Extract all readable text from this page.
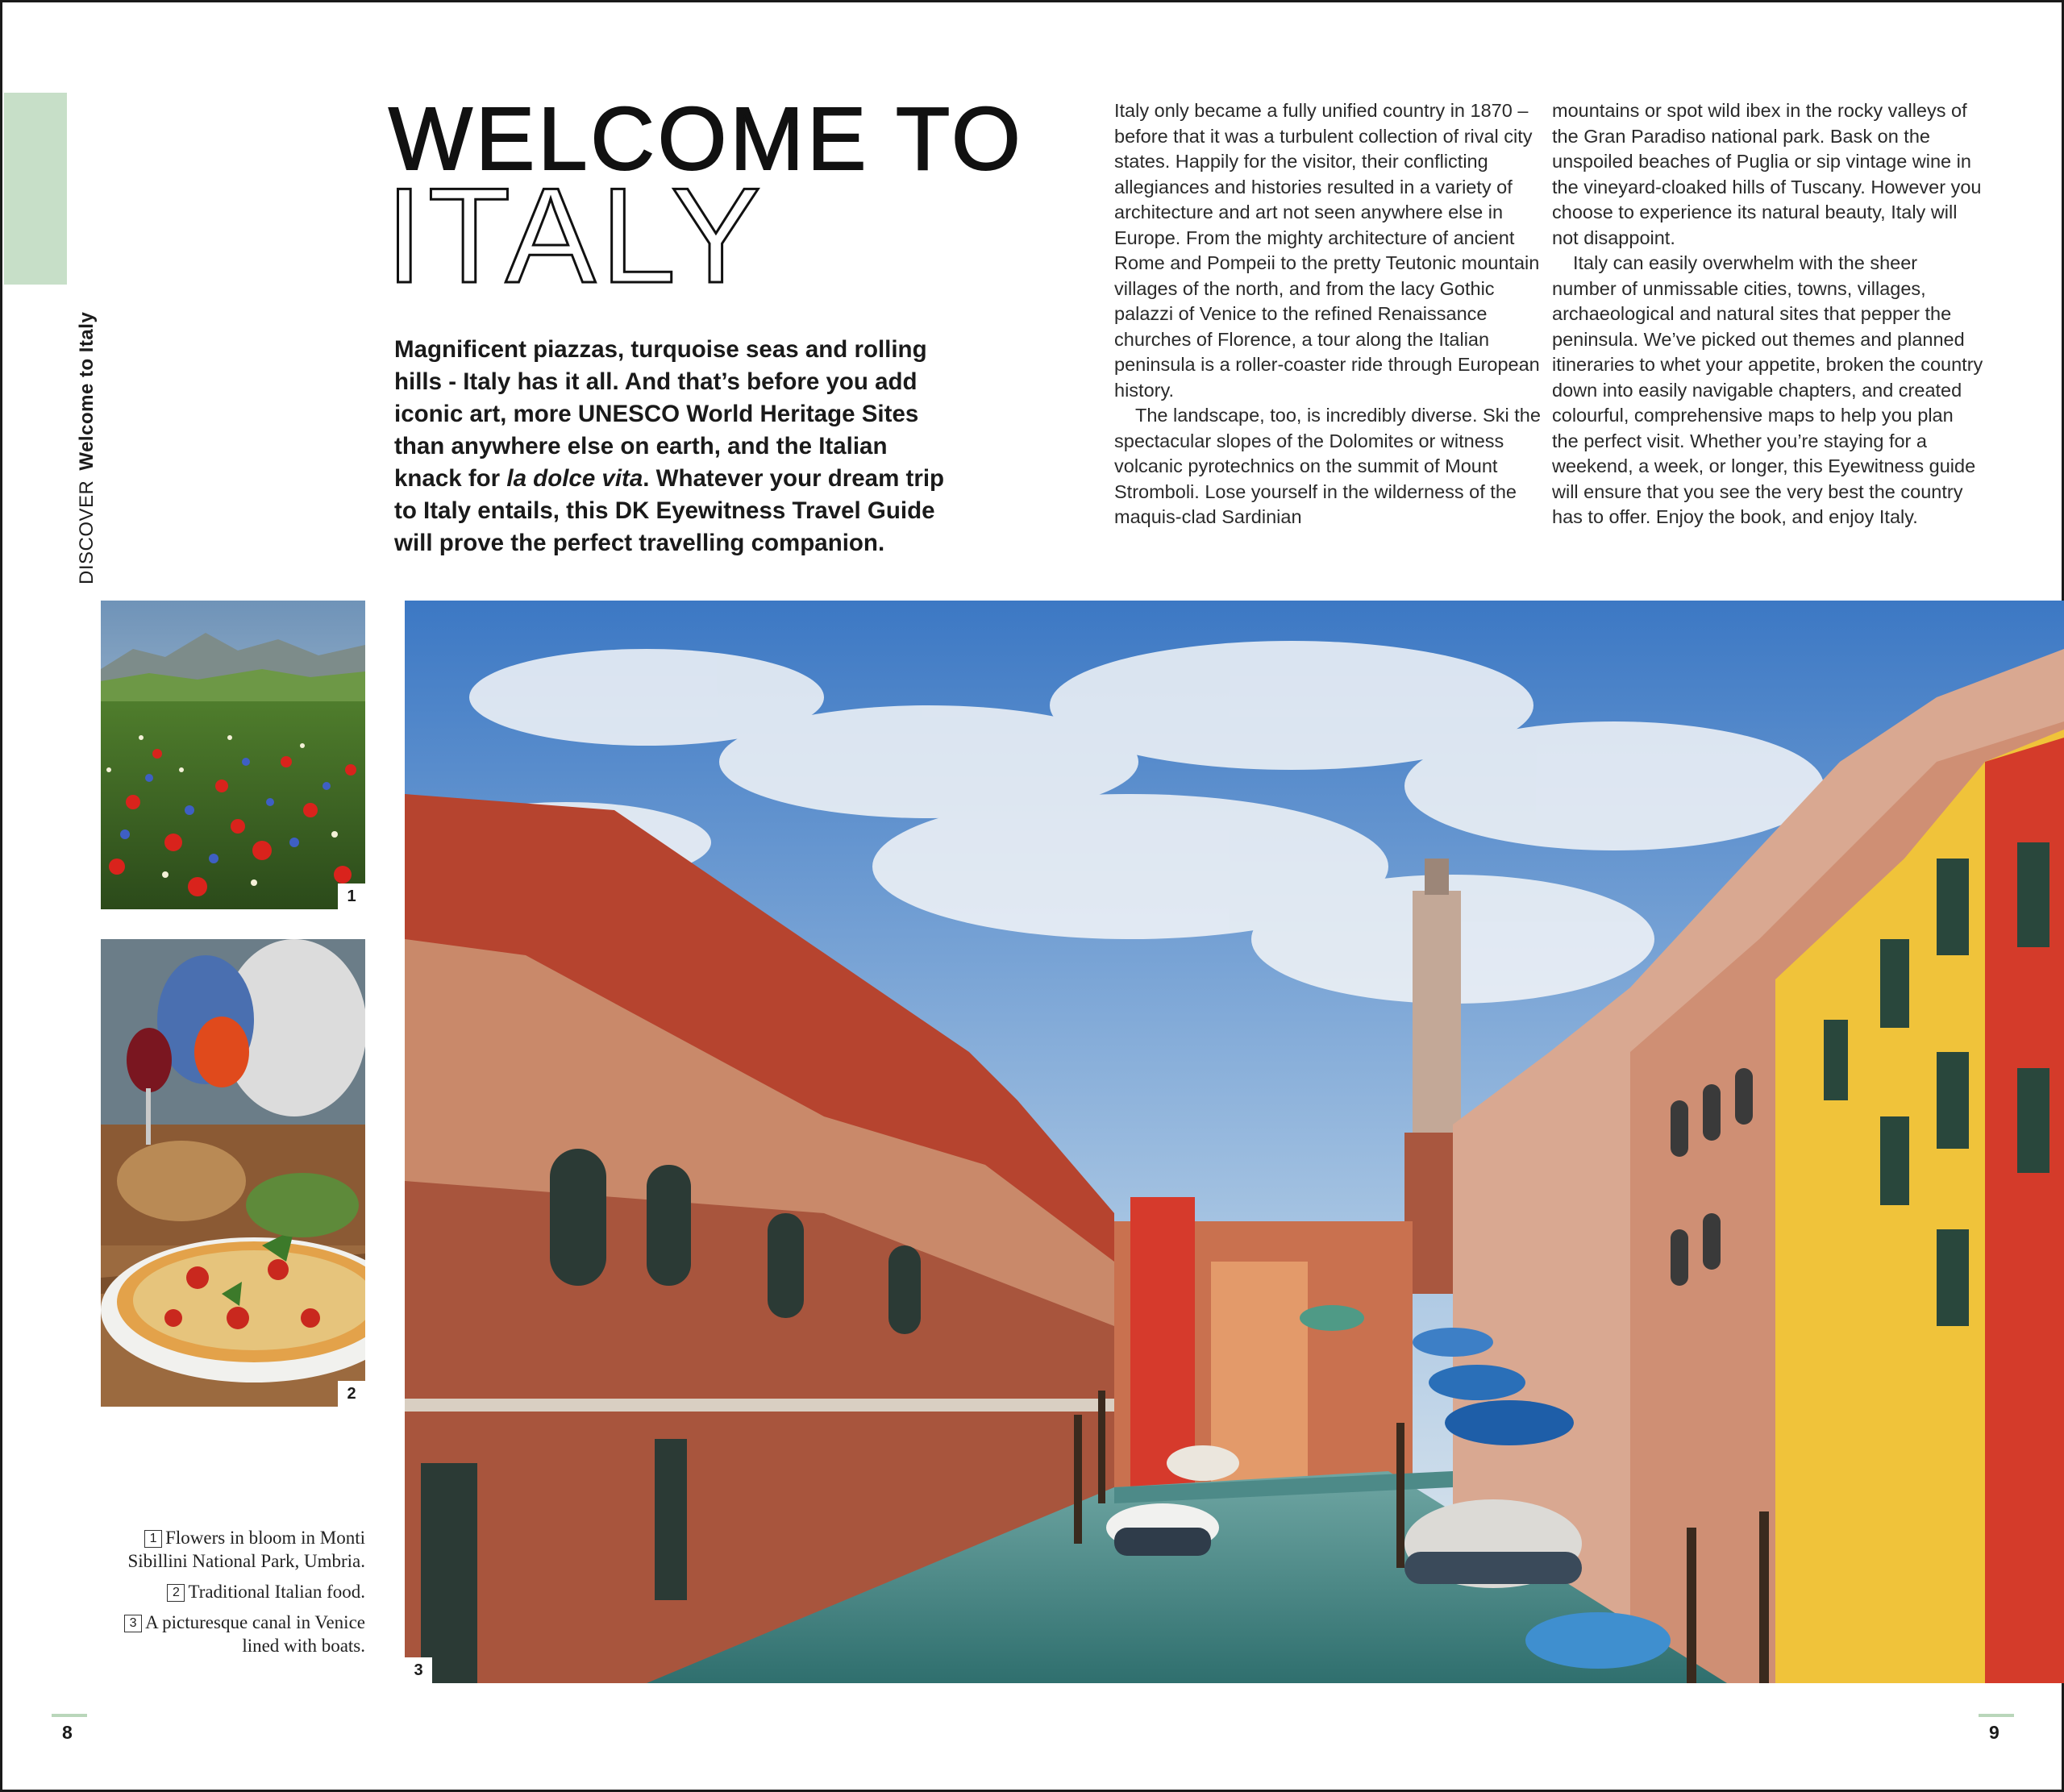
DISCOVERWelcome to Italy
WELCOME TO
ITALY
Magnificent piazzas, turquoise seas and rolling hills - Italy has it all. And that’s before you add iconic art, more UNESCO World Heritage Sites than anywhere else on earth, and the Italian knack for la dolce vita. Whatever your dream trip to Italy entails, this DK Eyewitness Travel Guide will prove the perfect travelling companion.

Italy only became a fully unified country in 1870 – before that it was a turbulent collection of rival city states. Happily for the visitor, their conflicting allegiances and histories resulted in a variety of architecture and art not seen anywhere else in Europe. From the mighty architecture of ancient Rome and Pompeii to the pretty Teutonic mountain villages of the north, and from the lacy Gothic palazzi of Venice to the refined Renaissance churches of Florence, a tour along the Italian peninsula is a roller-coaster ride through European history.

The landscape, too, is incredibly diverse. Ski the spectacular slopes of the Dolomites or witness volcanic pyrotechnics on the summit of Mount Stromboli. Lose yourself in the wilderness of the maquis-clad Sardinian

mountains or spot wild ibex in the rocky valleys of the Gran Paradiso national park. Bask on the unspoiled beaches of Puglia or sip vintage wine in the vineyard-cloaked hills of Tuscany. However you choose to experience its natural beauty, Italy will not disappoint.

Italy can easily overwhelm with the sheer number of unmissable cities, towns, villages, archaeological and natural sites that pepper the peninsula. We’ve picked out themes and planned itineraries to whet your appetite, broken the country down into easily navigable chapters, and created colourful, comprehensive maps to help you plan the perfect visit. Whether you’re staying for a weekend, a week, or longer, this Eyewitness guide will ensure that you see the very best the country has to offer. Enjoy the book, and enjoy Italy.

1
2
3
1 Flowers in bloom in Monti Sibillini National Park, Umbria.
2 Traditional Italian food.
3 A picturesque canal in Venice lined with boats.
8	9
